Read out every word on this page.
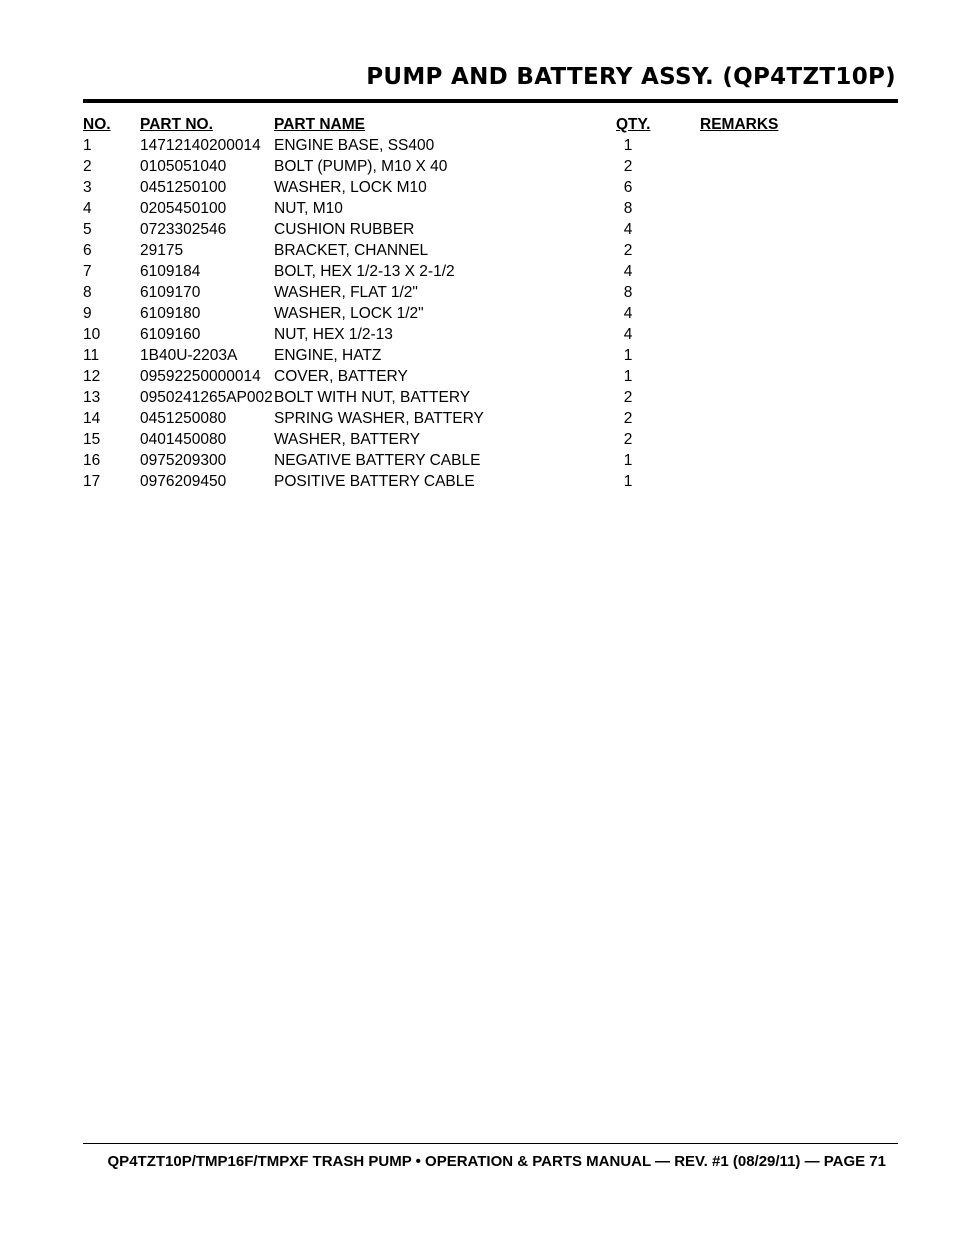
PUMP AND BATTERY ASSY. (QP4TZT10P)
NO.	PART NO.	PART NAME	QTY.	REMARKS
1	14712140200014	ENGINE BASE, SS400	1	
2	0105051040	BOLT (PUMP), M10 X 40	2	
3	0451250100	WASHER, LOCK M10	6	
4	0205450100	NUT, M10	8	
5	0723302546	CUSHION RUBBER	4	
6	29175	BRACKET, CHANNEL	2	
7	6109184	BOLT, HEX 1/2-13 X 2-1/2	4	
8	6109170	WASHER, FLAT 1/2"	8	
9	6109180	WASHER, LOCK 1/2"	4	
10	6109160	NUT, HEX 1/2-13	4	
11	1B40U-2203A	ENGINE, HATZ	1	
12	09592250000014	COVER, BATTERY	1	
13	0950241265AP002	BOLT WITH NUT, BATTERY	2	
14	0451250080	SPRING WASHER, BATTERY	2	
15	0401450080	WASHER, BATTERY	2	
16	0975209300	NEGATIVE BATTERY CABLE	1	
17	0976209450	POSITIVE BATTERY CABLE	1	
QP4TZT10P/TMP16F/TMPXF TRASH PUMP • OPERATION & PARTS MANUAL — REV. #1 (08/29/11) — PAGE 71
